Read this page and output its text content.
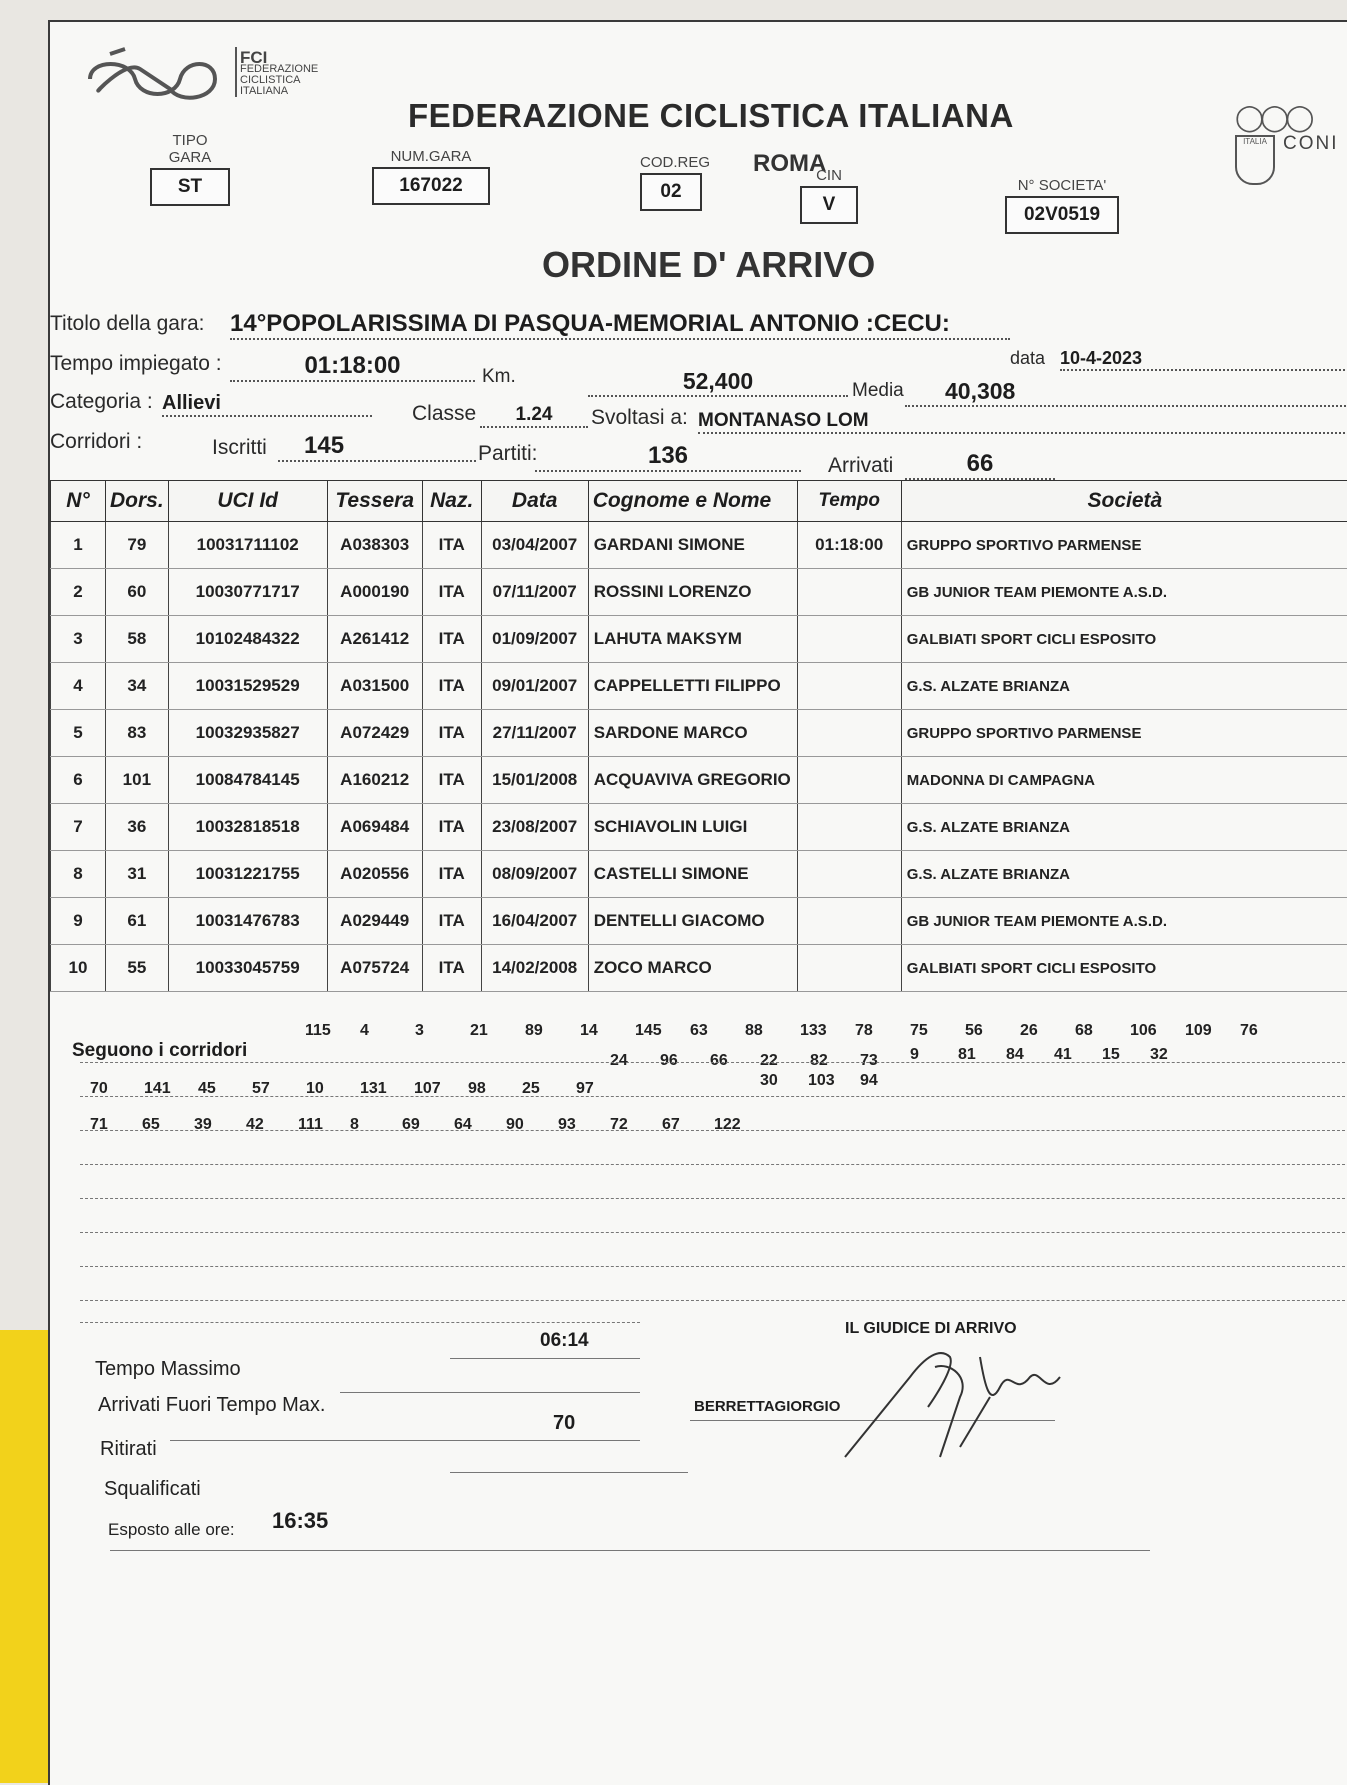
FCI
FEDERAZIONE
CICLISTICA
ITALIANA
FEDERAZIONE CICLISTICA ITALIANA
ROMA
◯◯◯
ITALIA CONI
TIPO GARA
ST
NUM.GARA
167022
COD.REG
02
CIN
V
N° SOCIETA'
02V0519
ORDINE D' ARRIVO
Titolo della gara: 14°POPOLARISSIMA DI PASQUA-MEMORIAL ANTONIO :CECU:
data 10-4-2023
Tempo impiegato :	01:18:00	Km.	52,400	Media	40,308
Categoria : Allievi	Classe	1.24	Svoltasi a: MONTANASO LOM
Corridori :	Iscritti	145	Partiti:	136	Arrivati	66
N°	Dors.	UCI Id	Tessera	Naz.	Data	Cognome e Nome	Tempo	Società
1	79	10031711102	A038303	ITA	03/04/2007	GARDANI SIMONE	01:18:00	GRUPPO SPORTIVO PARMENSE
2	60	10030771717	A000190	ITA	07/11/2007	ROSSINI LORENZO		GB JUNIOR TEAM PIEMONTE A.S.D.
3	58	10102484322	A261412	ITA	01/09/2007	LAHUTA MAKSYM		GALBIATI SPORT CICLI ESPOSITO
4	34	10031529529	A031500	ITA	09/01/2007	CAPPELLETTI FILIPPO		G.S. ALZATE BRIANZA
5	83	10032935827	A072429	ITA	27/11/2007	SARDONE MARCO		GRUPPO SPORTIVO PARMENSE
6	101	10084784145	A160212	ITA	15/01/2008	ACQUAVIVA GREGORIO		MADONNA DI CAMPAGNA
7	36	10032818518	A069484	ITA	23/08/2007	SCHIAVOLIN LUIGI		G.S. ALZATE BRIANZA
8	31	10031221755	A020556	ITA	08/09/2007	CASTELLI SIMONE		G.S. ALZATE BRIANZA
9	61	10031476783	A029449	ITA	16/04/2007	DENTELLI GIACOMO		GB JUNIOR TEAM PIEMONTE A.S.D.
10	55	10033045759	A075724	ITA	14/02/2008	ZOCO MARCO		GALBIATI SPORT CICLI ESPOSITO
Seguono i corridori
115 4	3	21 89 14 145 63 88 133 78 75 56 26 68 106 109 76
24 96 66 22 82 73 9 81 84 41 15 32
70 141 45 57 10 131 107 98 25 97	30 103 94
71 65 39 42 111 8	69 64 90 93 72 67 122
Tempo Massimo
06:14
Arrivati Fuori Tempo Max.
70
Ritirati
Squalificati
Esposto alle ore: 16:35
IL GIUDICE DI ARRIVO
BERRETTAGIORGIO
